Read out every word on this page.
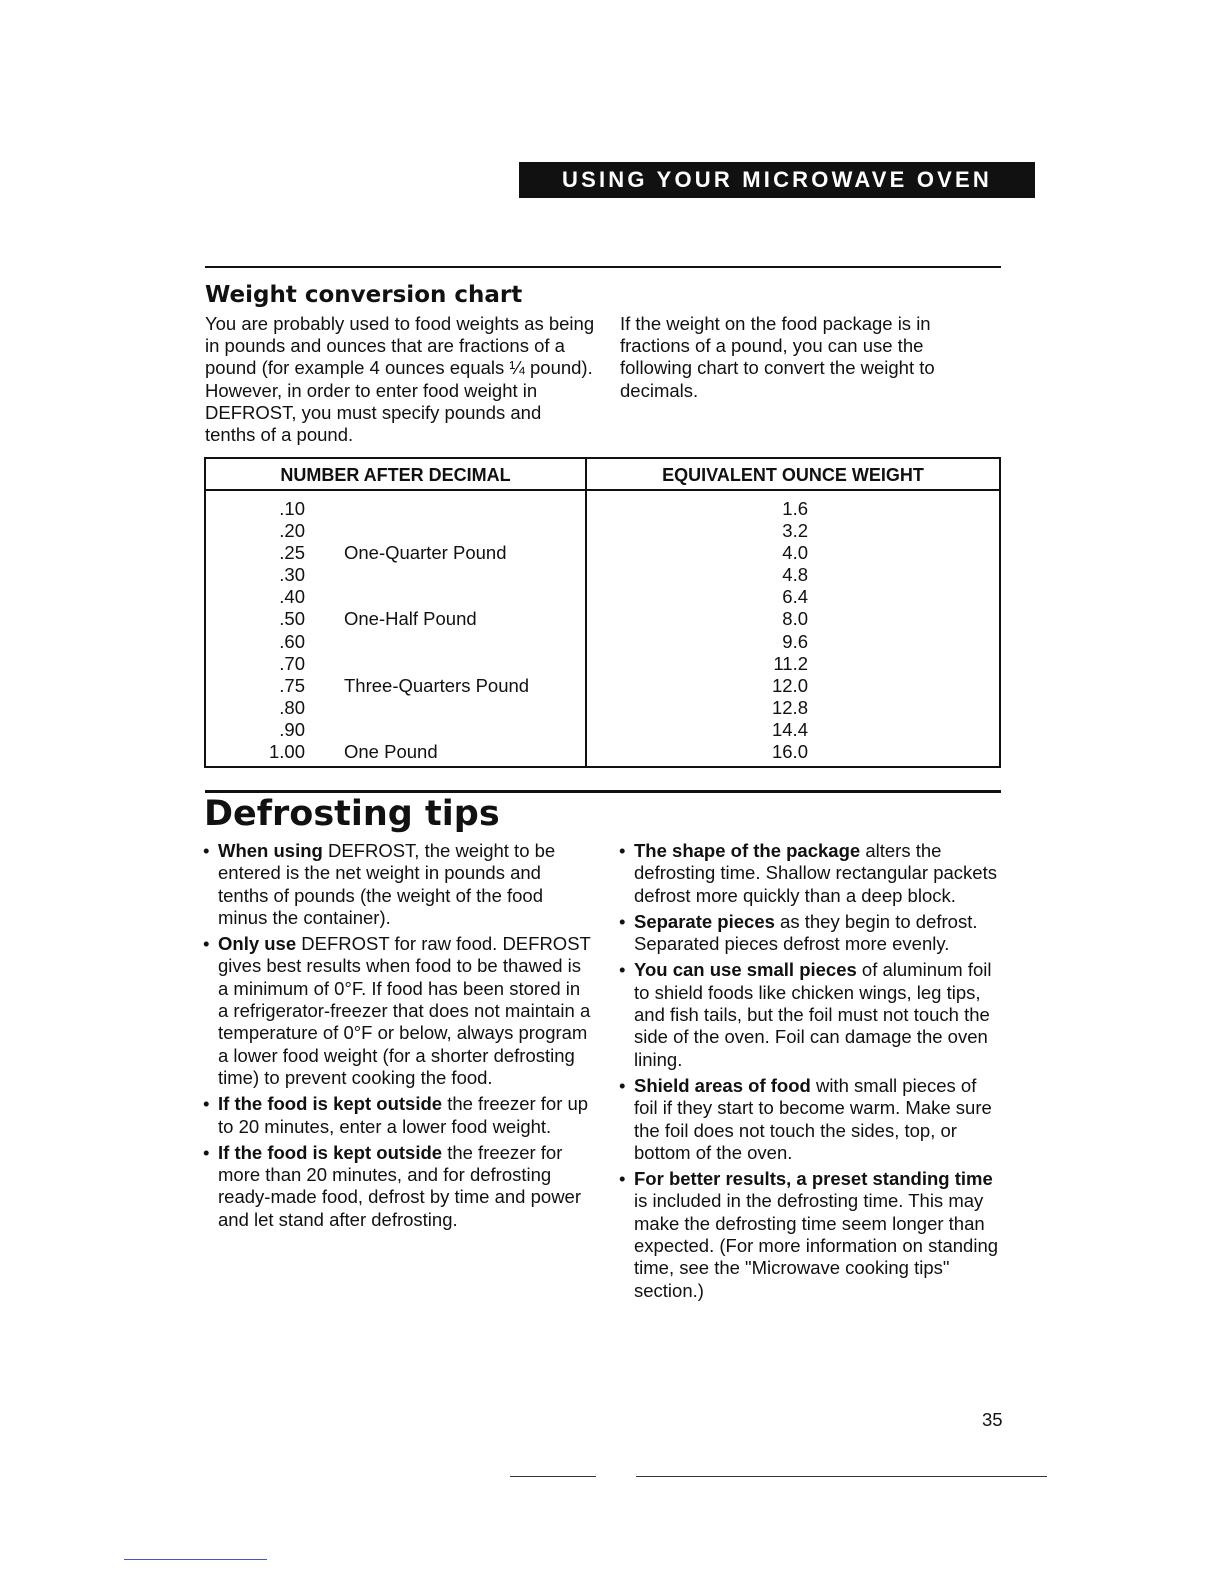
USING YOUR MICROWAVE OVEN
Weight conversion chart

You are probably used to food weights as being in pounds and ounces that are fractions of a pound (for example 4 ounces equals ¼ pound). However, in order to enter food weight in DEFROST, you must specify pounds and tenths of a pound.

If the weight on the food package is in fractions of a pound, you can use the following chart to convert the weight to decimals.

NUMBER AFTER DECIMAL	EQUIVALENT OUNCE WEIGHT
.10	1.6
.20	3.2
.25 One-Quarter Pound	4.0
.30	4.8
.40	6.4
.50 One-Half Pound	8.0
.60	9.6
.70	11.2
.75 Three-Quarters Pound	12.0
.80	12.8
.90	14.4
1.00 One Pound	16.0
Defrosting tips
• When using DEFROST, the weight to be entered is the net weight in pounds and tenths of pounds (the weight of the food minus the container).
• Only use DEFROST for raw food. DEFROST gives best results when food to be thawed is a minimum of 0°F. If food has been stored in a refrigerator-freezer that does not maintain a temperature of 0°F or below, always program a lower food weight (for a shorter defrosting time) to prevent cooking the food.
• If the food is kept outside the freezer for up to 20 minutes, enter a lower food weight.
• If the food is kept outside the freezer for more than 20 minutes, and for defrosting ready-made food, defrost by time and power and let stand after defrosting.
• The shape of the package alters the defrosting time. Shallow rectangular packets defrost more quickly than a deep block.
• Separate pieces as they begin to defrost. Separated pieces defrost more evenly.
• You can use small pieces of aluminum foil to shield foods like chicken wings, leg tips, and fish tails, but the foil must not touch the side of the oven. Foil can damage the oven lining.
• Shield areas of food with small pieces of foil if they start to become warm. Make sure the foil does not touch the sides, top, or bottom of the oven.
• For better results, a preset standing time is included in the defrosting time. This may make the defrosting time seem longer than expected. (For more information on standing time, see the "Microwave cooking tips" section.)
35
